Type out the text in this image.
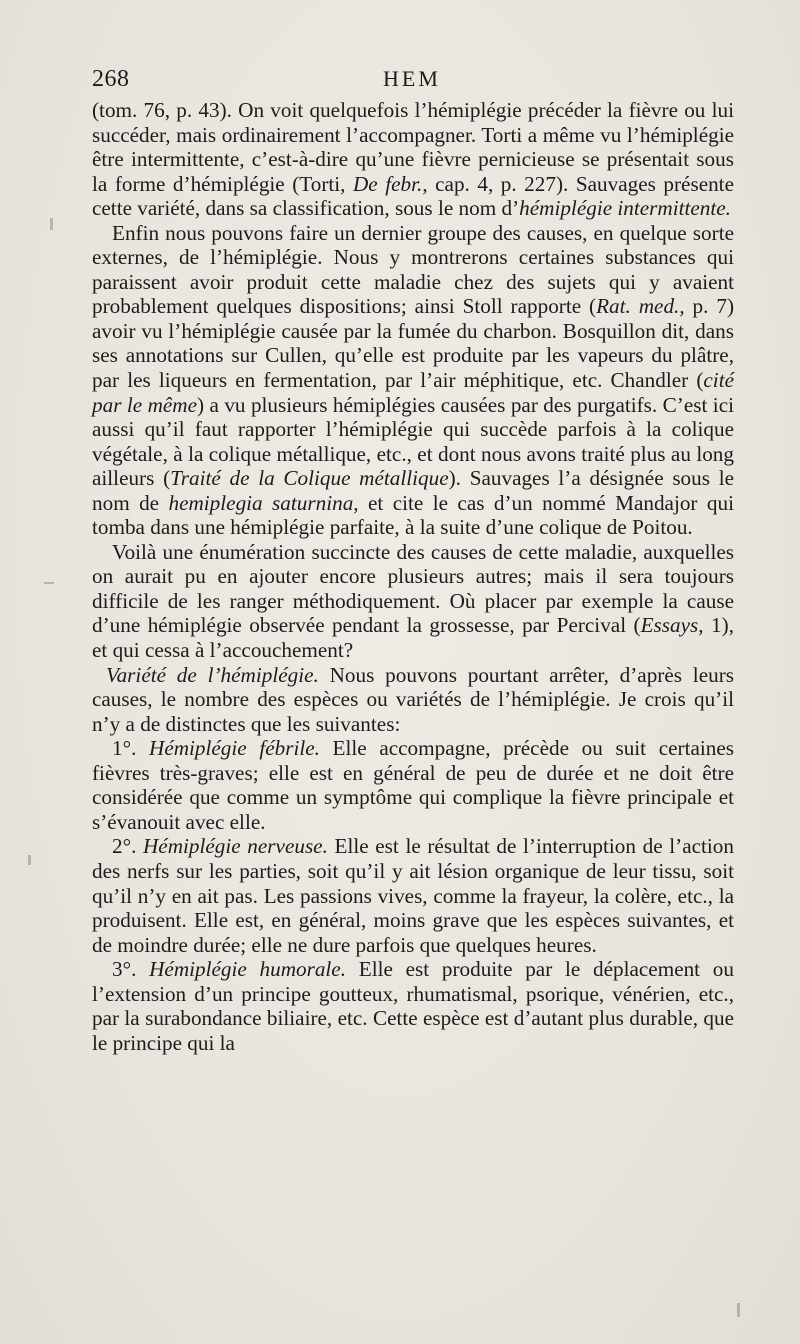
268	HEM

(tom. 76, p. 43). On voit quelquefois l’hémiplégie précéder la fièvre ou lui succéder, mais ordinairement l’accompagner. Torti a même vu l’hémiplégie être intermittente, c’est-à-dire qu’une fièvre pernicieuse se présentait sous la forme d’hémiplégie (Torti, De febr., cap. 4, p. 227). Sauvages présente cette variété, dans sa classification, sous le nom d’hémiplégie intermittente.

Enfin nous pouvons faire un dernier groupe des causes, en quelque sorte externes, de l’hémiplégie. Nous y montrerons certaines substances qui paraissent avoir produit cette maladie chez des sujets qui y avaient probablement quelques dispositions; ainsi Stoll rapporte (Rat. med., p. 7) avoir vu l’hémiplégie causée par la fumée du charbon. Bosquillon dit, dans ses annotations sur Cullen, qu’elle est produite par les vapeurs du plâtre, par les liqueurs en fermentation, par l’air méphitique, etc. Chandler (cité par le même) a vu plusieurs hémiplégies causées par des purgatifs. C’est ici aussi qu’il faut rapporter l’hémiplégie qui succède parfois à la colique végétale, à la colique métallique, etc., et dont nous avons traité plus au long ailleurs (Traité de la Colique métallique). Sauvages l’a désignée sous le nom de hemiplegia saturnina, et cite le cas d’un nommé Mandajor qui tomba dans une hémiplégie parfaite, à la suite d’une colique de Poitou.

Voilà une énumération succincte des causes de cette maladie, auxquelles on aurait pu en ajouter encore plusieurs autres; mais il sera toujours difficile de les ranger méthodiquement. Où placer par exemple la cause d’une hémiplégie observée pendant la grossesse, par Percival (Essays, 1), et qui cessa à l’accouchement?

Variété de l’hémiplégie. Nous pouvons pourtant arrêter, d’après leurs causes, le nombre des espèces ou variétés de l’hémiplégie. Je crois qu’il n’y a de distinctes que les suivantes:

1°. Hémiplégie fébrile. Elle accompagne, précède ou suit certaines fièvres très-graves; elle est en général de peu de durée et ne doit être considérée que comme un symptôme qui complique la fièvre principale et s’évanouit avec elle.

2°. Hémiplégie nerveuse. Elle est le résultat de l’interruption de l’action des nerfs sur les parties, soit qu’il y ait lésion organique de leur tissu, soit qu’il n’y en ait pas. Les passions vives, comme la frayeur, la colère, etc., la produisent. Elle est, en général, moins grave que les espèces suivantes, et de moindre durée; elle ne dure parfois que quelques heures.

3°. Hémiplégie humorale. Elle est produite par le déplacement ou l’extension d’un principe goutteux, rhumatismal, psorique, vénérien, etc., par la surabondance biliaire, etc. Cette espèce est d’autant plus durable, que le principe qui la
